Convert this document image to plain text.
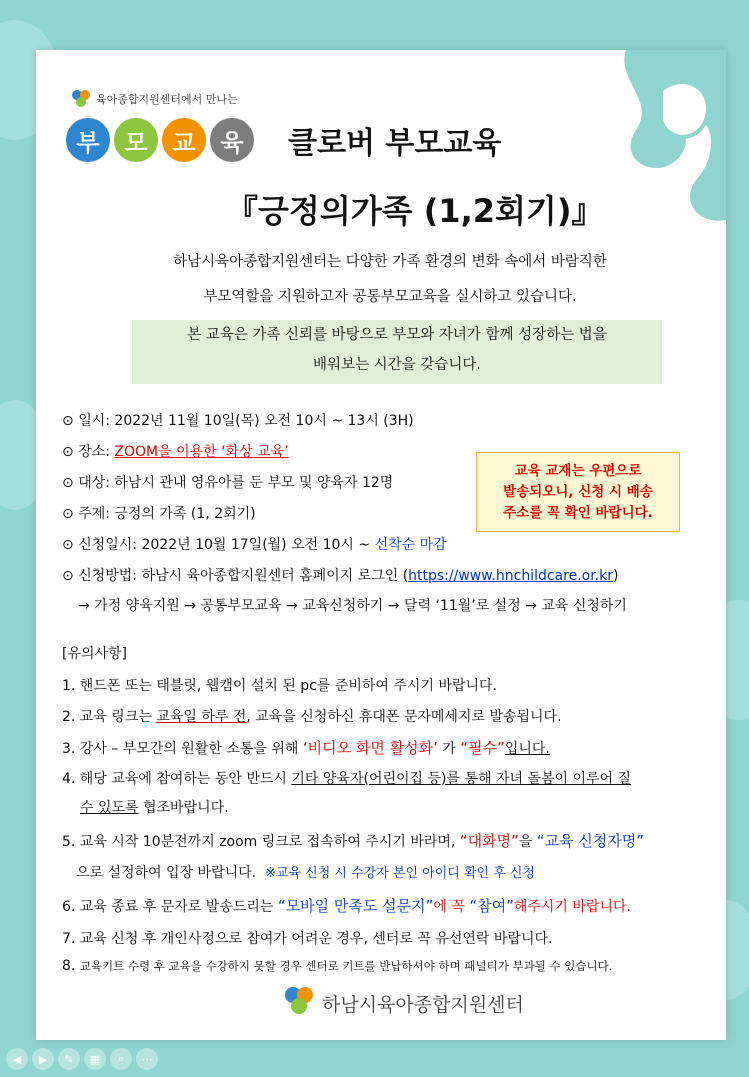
육아종합지원센터에서 만나는
부	모	교	육	클로버 부모교육
『긍정의가족 (1,2회기)』
하남시육아종합지원센터는 다양한 가족 환경의 변화 속에서 바람직한
부모역할을 지원하고자 공통부모교육을 실시하고 있습니다.
본 교육은 가족 신뢰를 바탕으로 부모와 자녀가 함께 성장하는 법을
배워보는 시간을 갖습니다.
⊙ 일시: 2022년 11월 10일(목) 오전 10시 ~ 13시 (3H)
⊙ 장소: ZOOM을 이용한 ‘화상 교육’
⊙ 대상: 하남시 관내 영유아를 둔 부모 및 양육자 12명
⊙ 주제: 긍정의 가족 (1, 2회기)
⊙ 신청일시: 2022년 10월 17일(월) 오전 10시 ~ 선착순 마감
⊙ 신청방법: 하남시 육아종합지원센터 홈페이지 로그인 (https://www.hnchildcare.or.kr)
→ 가정 양육지원 → 공통부모교육 → 교육신청하기 → 달력 ‘11월’로 설정 → 교육 신청하기
교육 교재는 우편으로
발송되오니, 신청 시 배송
주소를 꼭 확인 바랍니다.
[유의사항]
1. 핸드폰 또는 태블릿, 웹캠이 설치 된 pc를 준비하여 주시기 바랍니다.
2. 교육 링크는 교육일 하루 전, 교육을 신청하신 휴대폰 문자메세지로 발송됩니다.
3. 강사 – 부모간의 원활한 소통을 위해 ‘비디오 화면 활성화’ 가 “필수”입니다.
4. 해당 교육에 참여하는 동안 반드시 기타 양육자(어린이집 등)를 통해 자녀 돌봄이 이루어 질
수 있도록 협조바랍니다.
5. 교육 시작 10분전까지 zoom 링크로 접속하여 주시기 바라며, “대화명”을 “교육 신청자명”
으로 설정하여 입장 바랍니다. ※교육 신청 시 수강자 본인 아이디 확인 후 신청
6. 교육 종료 후 문자로 발송드리는 “모바일 만족도 설문지”에 꼭 “참여”해주시기 바랍니다.
7. 교육 신청 후 개인사정으로 참여가 어려운 경우, 센터로 꼭 유선연락 바랍니다.
8. 교육키트 수령 후 교육을 수강하지 못할 경우 센터로 키트를 반납하셔야 하며 패널티가 부과될 수 있습니다.
하남시육아종합지원센터
◀	▶	✎	▦	⌕	⋯
